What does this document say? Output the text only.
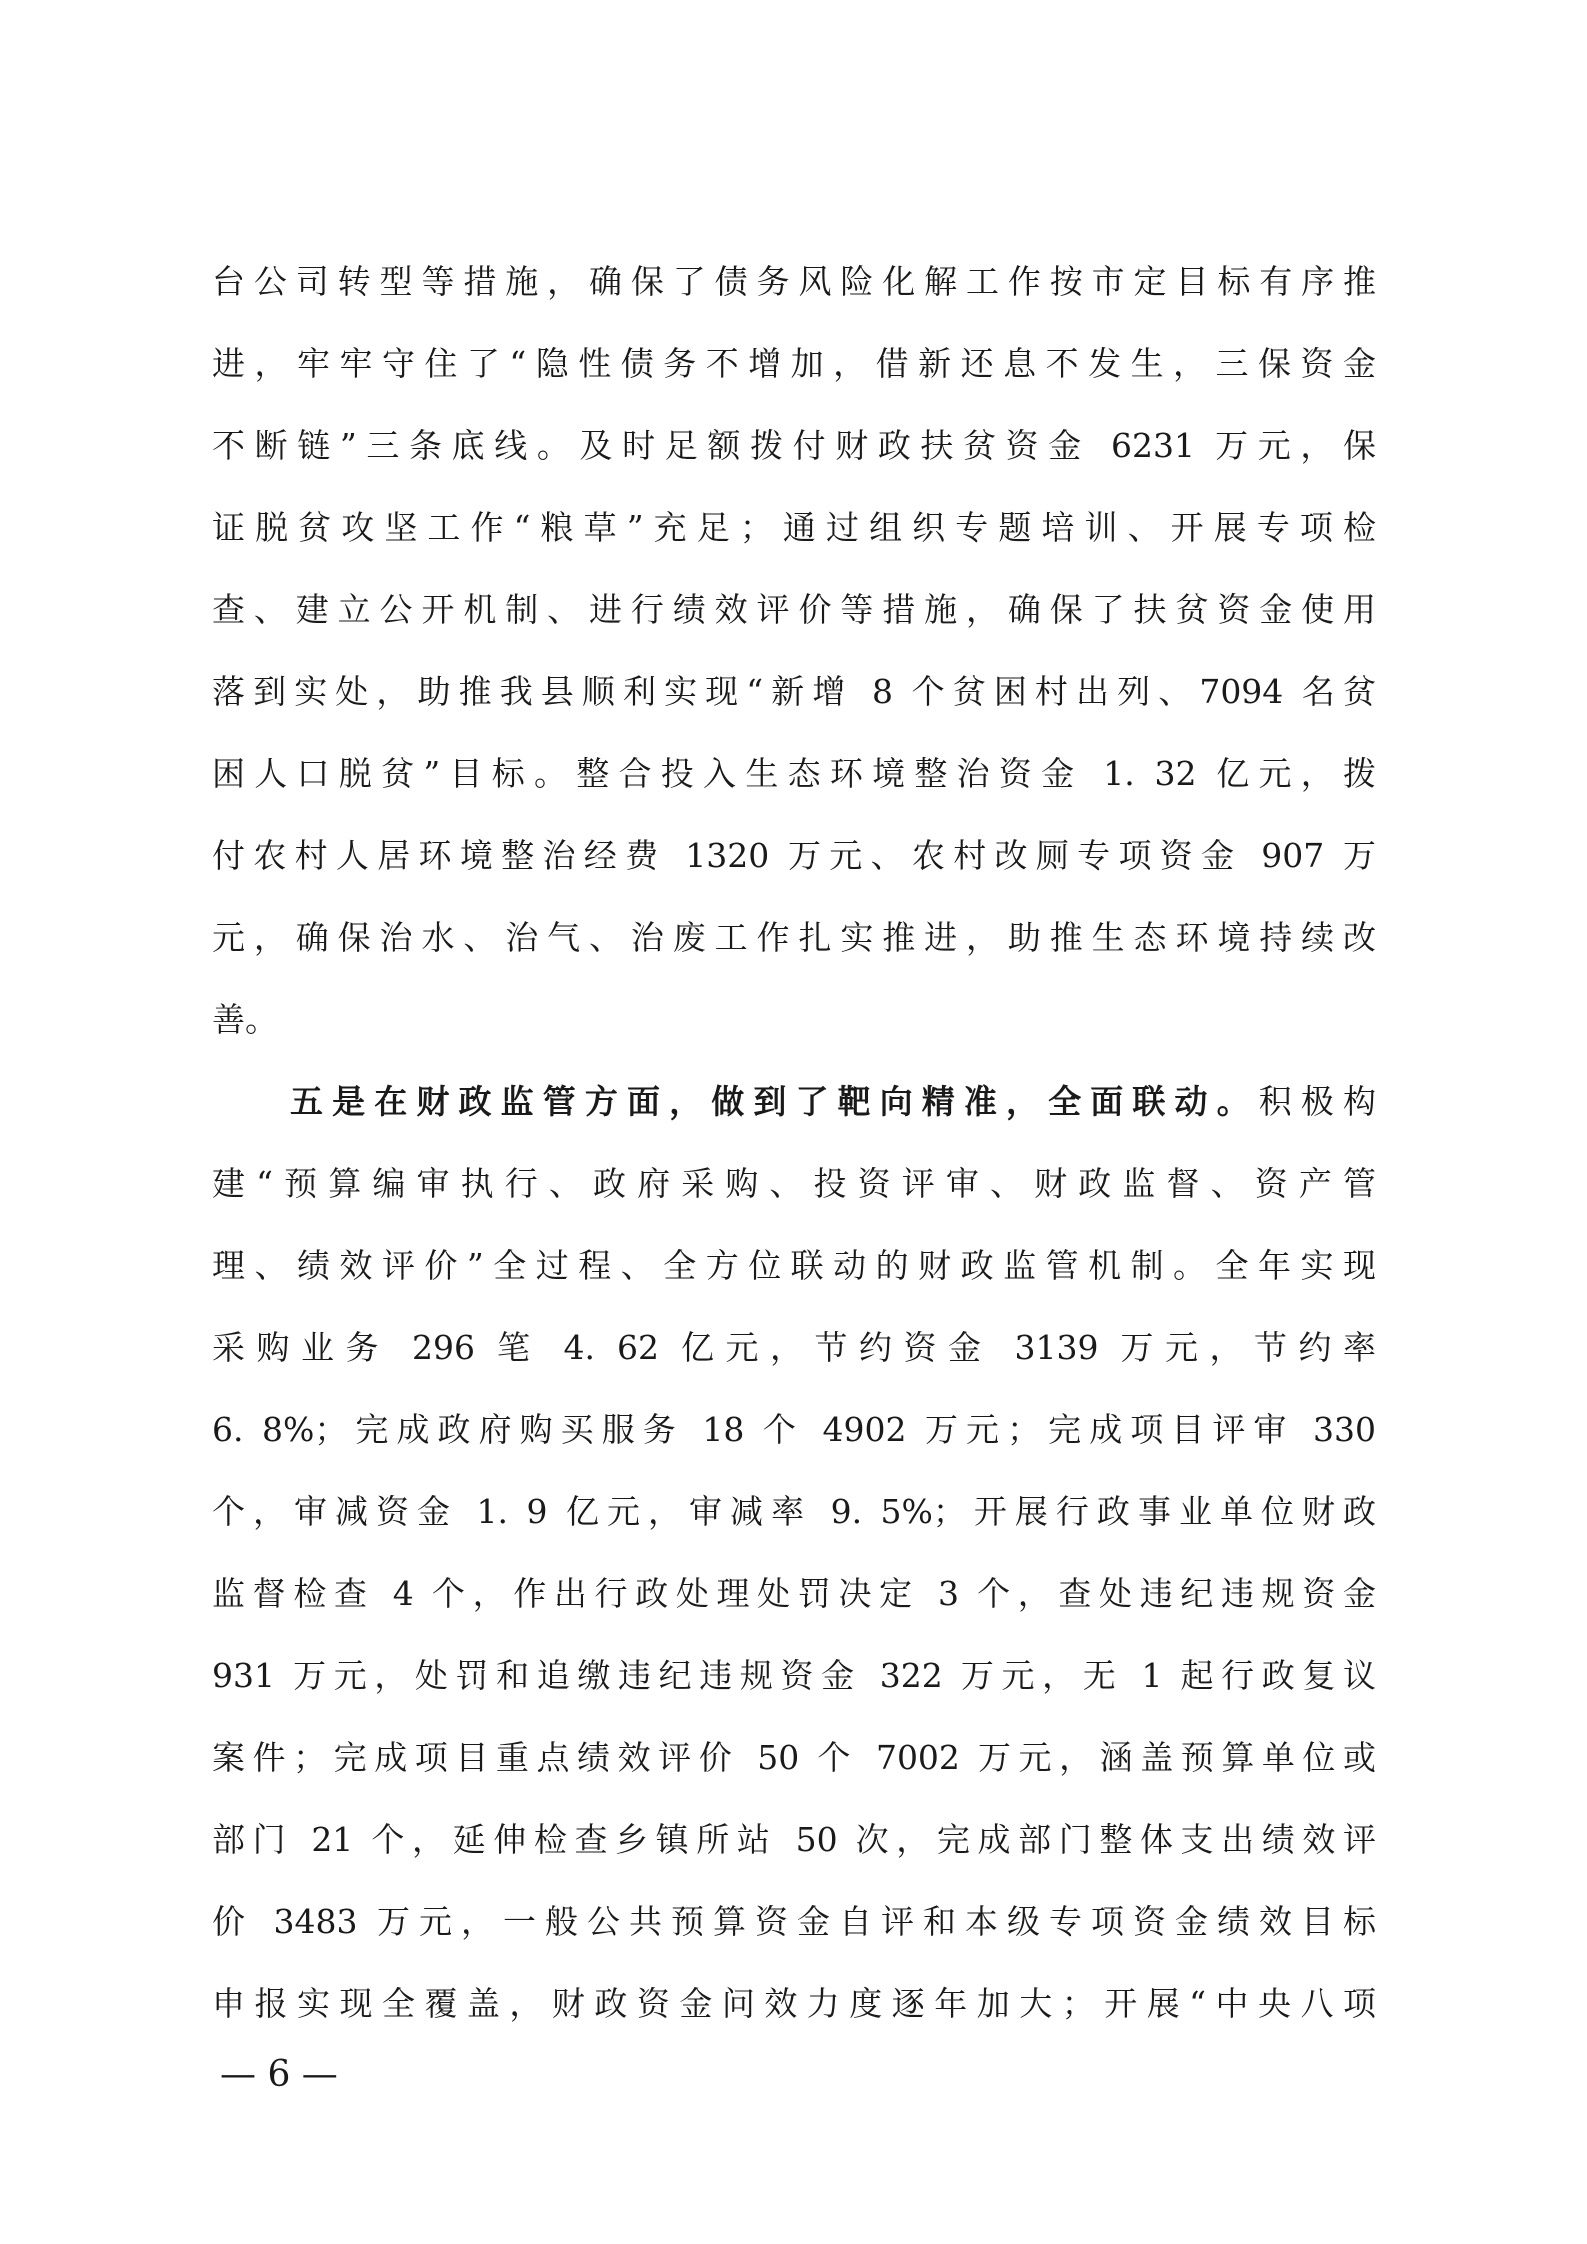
台公司转型等措施，确保了债务风险化解工作按市定目标有序推
进，牢牢守住了“隐性债务不增加，借新还息不发生，三保资金
不断链”三条底线。及时足额拨付财政扶贫资金 6231 万元，保
证脱贫攻坚工作“粮草”充足；通过组织专题培训、开展专项检
查、建立公开机制、进行绩效评价等措施，确保了扶贫资金使用
落到实处，助推我县顺利实现“新增 8 个贫困村出列、7094 名贫
困人口脱贫”目标。整合投入生态环境整治资金 1. 32 亿元，拨
付农村人居环境整治经费 1320 万元、农村改厕专项资金 907 万
元，确保治水、治气、治废工作扎实推进，助推生态环境持续改
善。
五是在财政监管方面，做到了靶向精准，全面联动。积极构
建“预算编审执行、政府采购、投资评审、财政监督、资产管
理、绩效评价”全过程、全方位联动的财政监管机制。全年实现
采购业务 296 笔 4. 62 亿元，节约资金 3139 万元，节约率
6. 8%；完成政府购买服务 18 个 4902 万元；完成项目评审 330
个，审减资金 1. 9 亿元，审减率 9. 5%；开展行政事业单位财政
监督检查 4 个，作出行政处理处罚决定 3 个，查处违纪违规资金
931 万元，处罚和追缴违纪违规资金 322 万元，无 1 起行政复议
案件；完成项目重点绩效评价 50 个 7002 万元，涵盖预算单位或
部门 21 个，延伸检查乡镇所站 50 次，完成部门整体支出绩效评
价 3483 万元，一般公共预算资金自评和本级专项资金绩效目标
申报实现全覆盖，财政资金问效力度逐年加大；开展“中央八项
— 6 —
